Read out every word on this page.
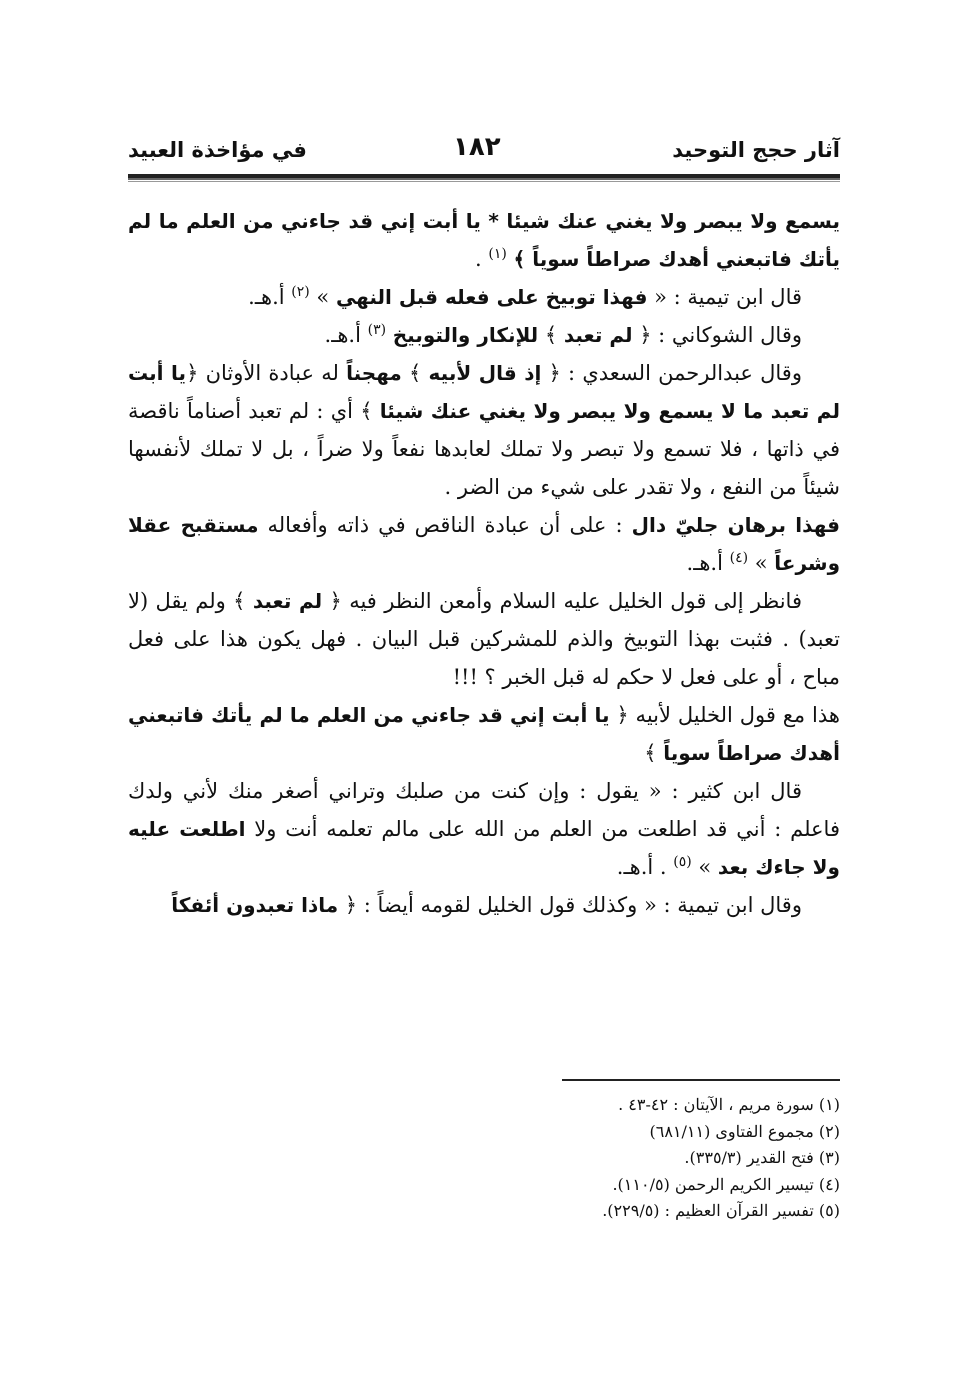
آثار حجج التوحيد
١٨٢
في مؤاخذة العبيد

يسمع ولا يبصر ولا يغني عنك شيئا * يا أبت إني قد جاءني من العلم ما لم يأتك فاتبعني أهدك صراطاً سوياً ﴾ $^{(١)}$ .

قال ابن تيمية : « فهذا توبيخ على فعله قبل النهي » $^{(٢)}$ أ.هـ.

وقال الشوكاني : ﴿ لم تعبد ﴾ للإنكار والتوبيخ $^{(٣)}$ أ.هـ.

وقال عبدالرحمن السعدي : ﴿ إذ قال لأبيه ﴾ مهجناً له عبادة الأوثان ﴿يا أبت لم تعبد ما لا يسمع ولا يبصر ولا يغني عنك شيئا ﴾ أي : لم تعبد أصناماً ناقصة في ذاتها ، فلا تسمع ولا تبصر ولا تملك لعابدها نفعاً ولا ضراً ، بل لا تملك لأنفسها شيئاً من النفع ، ولا تقدر على شيء من الضر .

فهذا برهان جليّ دال : على أن عبادة الناقص في ذاته وأفعاله مستقبح عقلا وشرعاً » $^{(٤)}$ أ.هـ.

فانظر إلى قول الخليل عليه السلام وأمعن النظر فيه ﴿ لم تعبد ﴾ ولم يقل (لا تعبد) . فثبت بهذا التوبيخ والذم للمشركين قبل البيان . فهل يكون هذا على فعل مباح ، أو على فعل لا حكم له قبل الخبر ؟ !!!

هذا مع قول الخليل لأبيه ﴿ يا أبت إني قد جاءني من العلم ما لم يأتك فاتبعني أهدك صراطاً سوياً ﴾

قال ابن كثير : « يقول : وإن كنت من صلبك وتراني أصغر منك لأني ولدك فاعلم : أني قد اطلعت من العلم من الله على مالم تعلمه أنت ولا اطلعت عليه ولا جاءك بعد » $^{(٥)}$ . أ.هـ.

وقال ابن تيمية : « وكذلك قول الخليل لقومه أيضاً : ﴿ ماذا تعبدون أئفكاً

(١) سورة مريم ، الآيتان : ٤٢-٤٣ .

(٢) مجموع الفتاوى (٦٨١/١١)

(٣) فتح القدير (٣٣٥/٣).

(٤) تيسير الكريم الرحمن (١١٠/٥).

(٥) تفسير القرآن العظيم : (٢٢٩/٥).
